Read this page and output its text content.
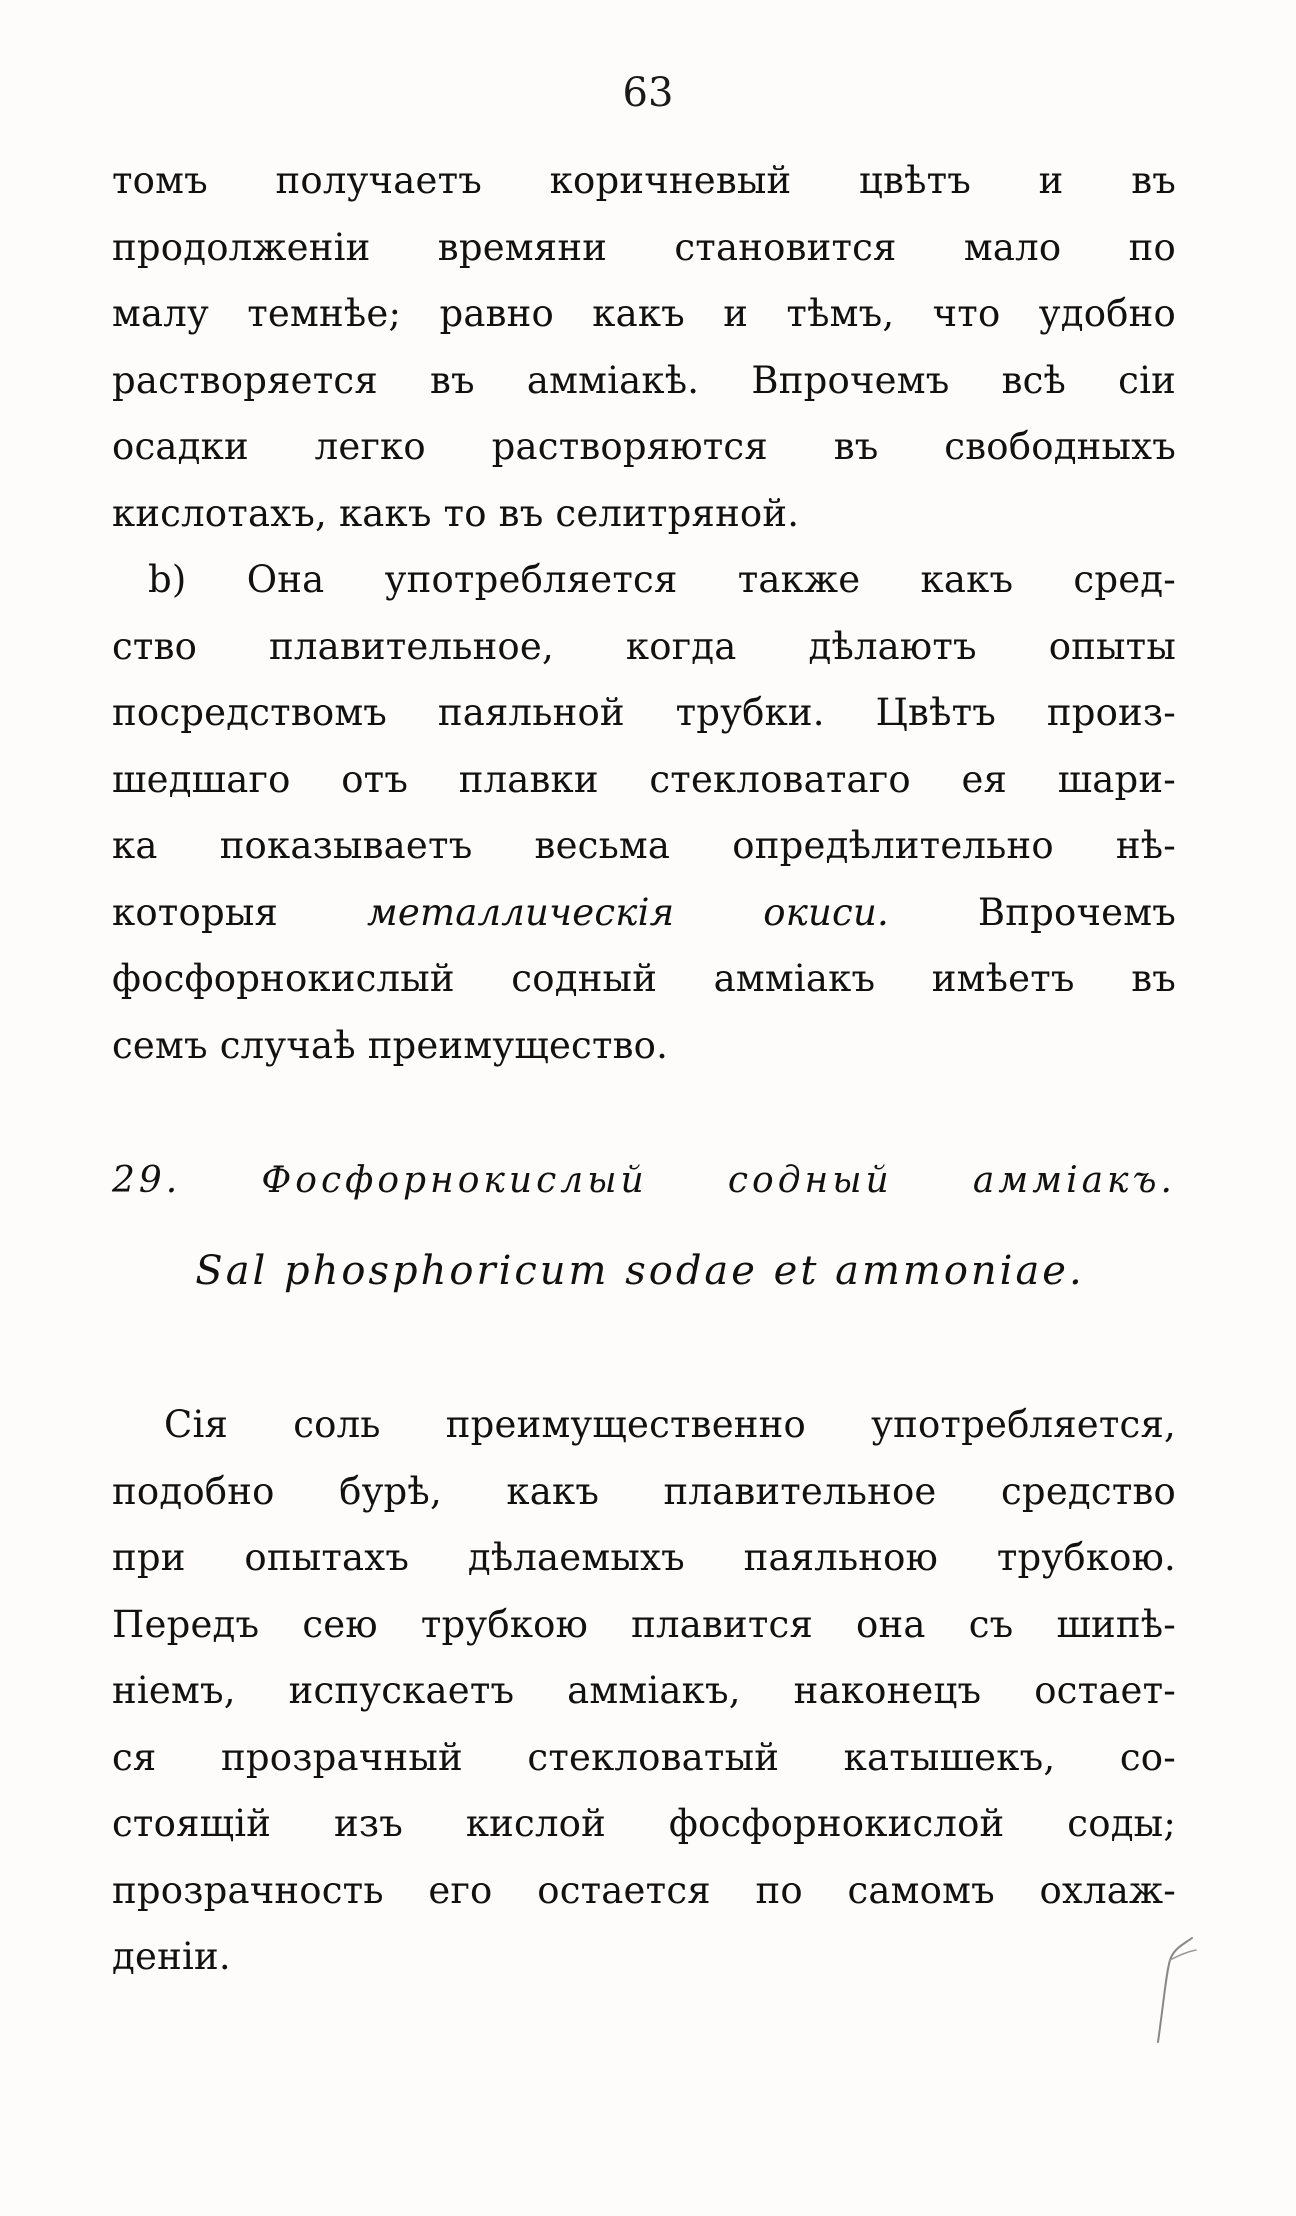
63
томъ получаетъ коричневый цвѣтъ и въ
продолженіи времяни становится мало по
малу темнѣе; равно какъ и тѣмъ, что удобно
растворяется въ амміакѣ. Впрочемъ всѣ сіи
осадки легко растворяются въ свободныхъ
кислотахъ, какъ то въ селитряной.
b) Она употребляется также какъ сред-
ство плавительное, когда дѣлаютъ опыты
посредствомъ паяльной трубки. Цвѣтъ произ-
шедшаго отъ плавки стекловатаго ея шари-
ка показываетъ весьма опредѣлительно нѣ-
которыя металлическія окиси. Впрочемъ
фосфорнокислый содный амміакъ имѣетъ въ
семъ случаѣ преимущество.
29. Фосфорнокислый содный амміакъ.
Sal phosphoricum sodae et ammoniae.
Сія соль преимущественно употребляется,
подобно бурѣ, какъ плавительное средство
при опытахъ дѣлаемыхъ паяльною трубкою.
Передъ сею трубкою плавится она съ шипѣ-
ніемъ, испускаетъ амміакъ, наконецъ остает-
ся прозрачный стекловатый катышекъ, со-
стоящій изъ кислой фосфорнокислой соды;
прозрачность его остается по самомъ охлаж-
деніи.
